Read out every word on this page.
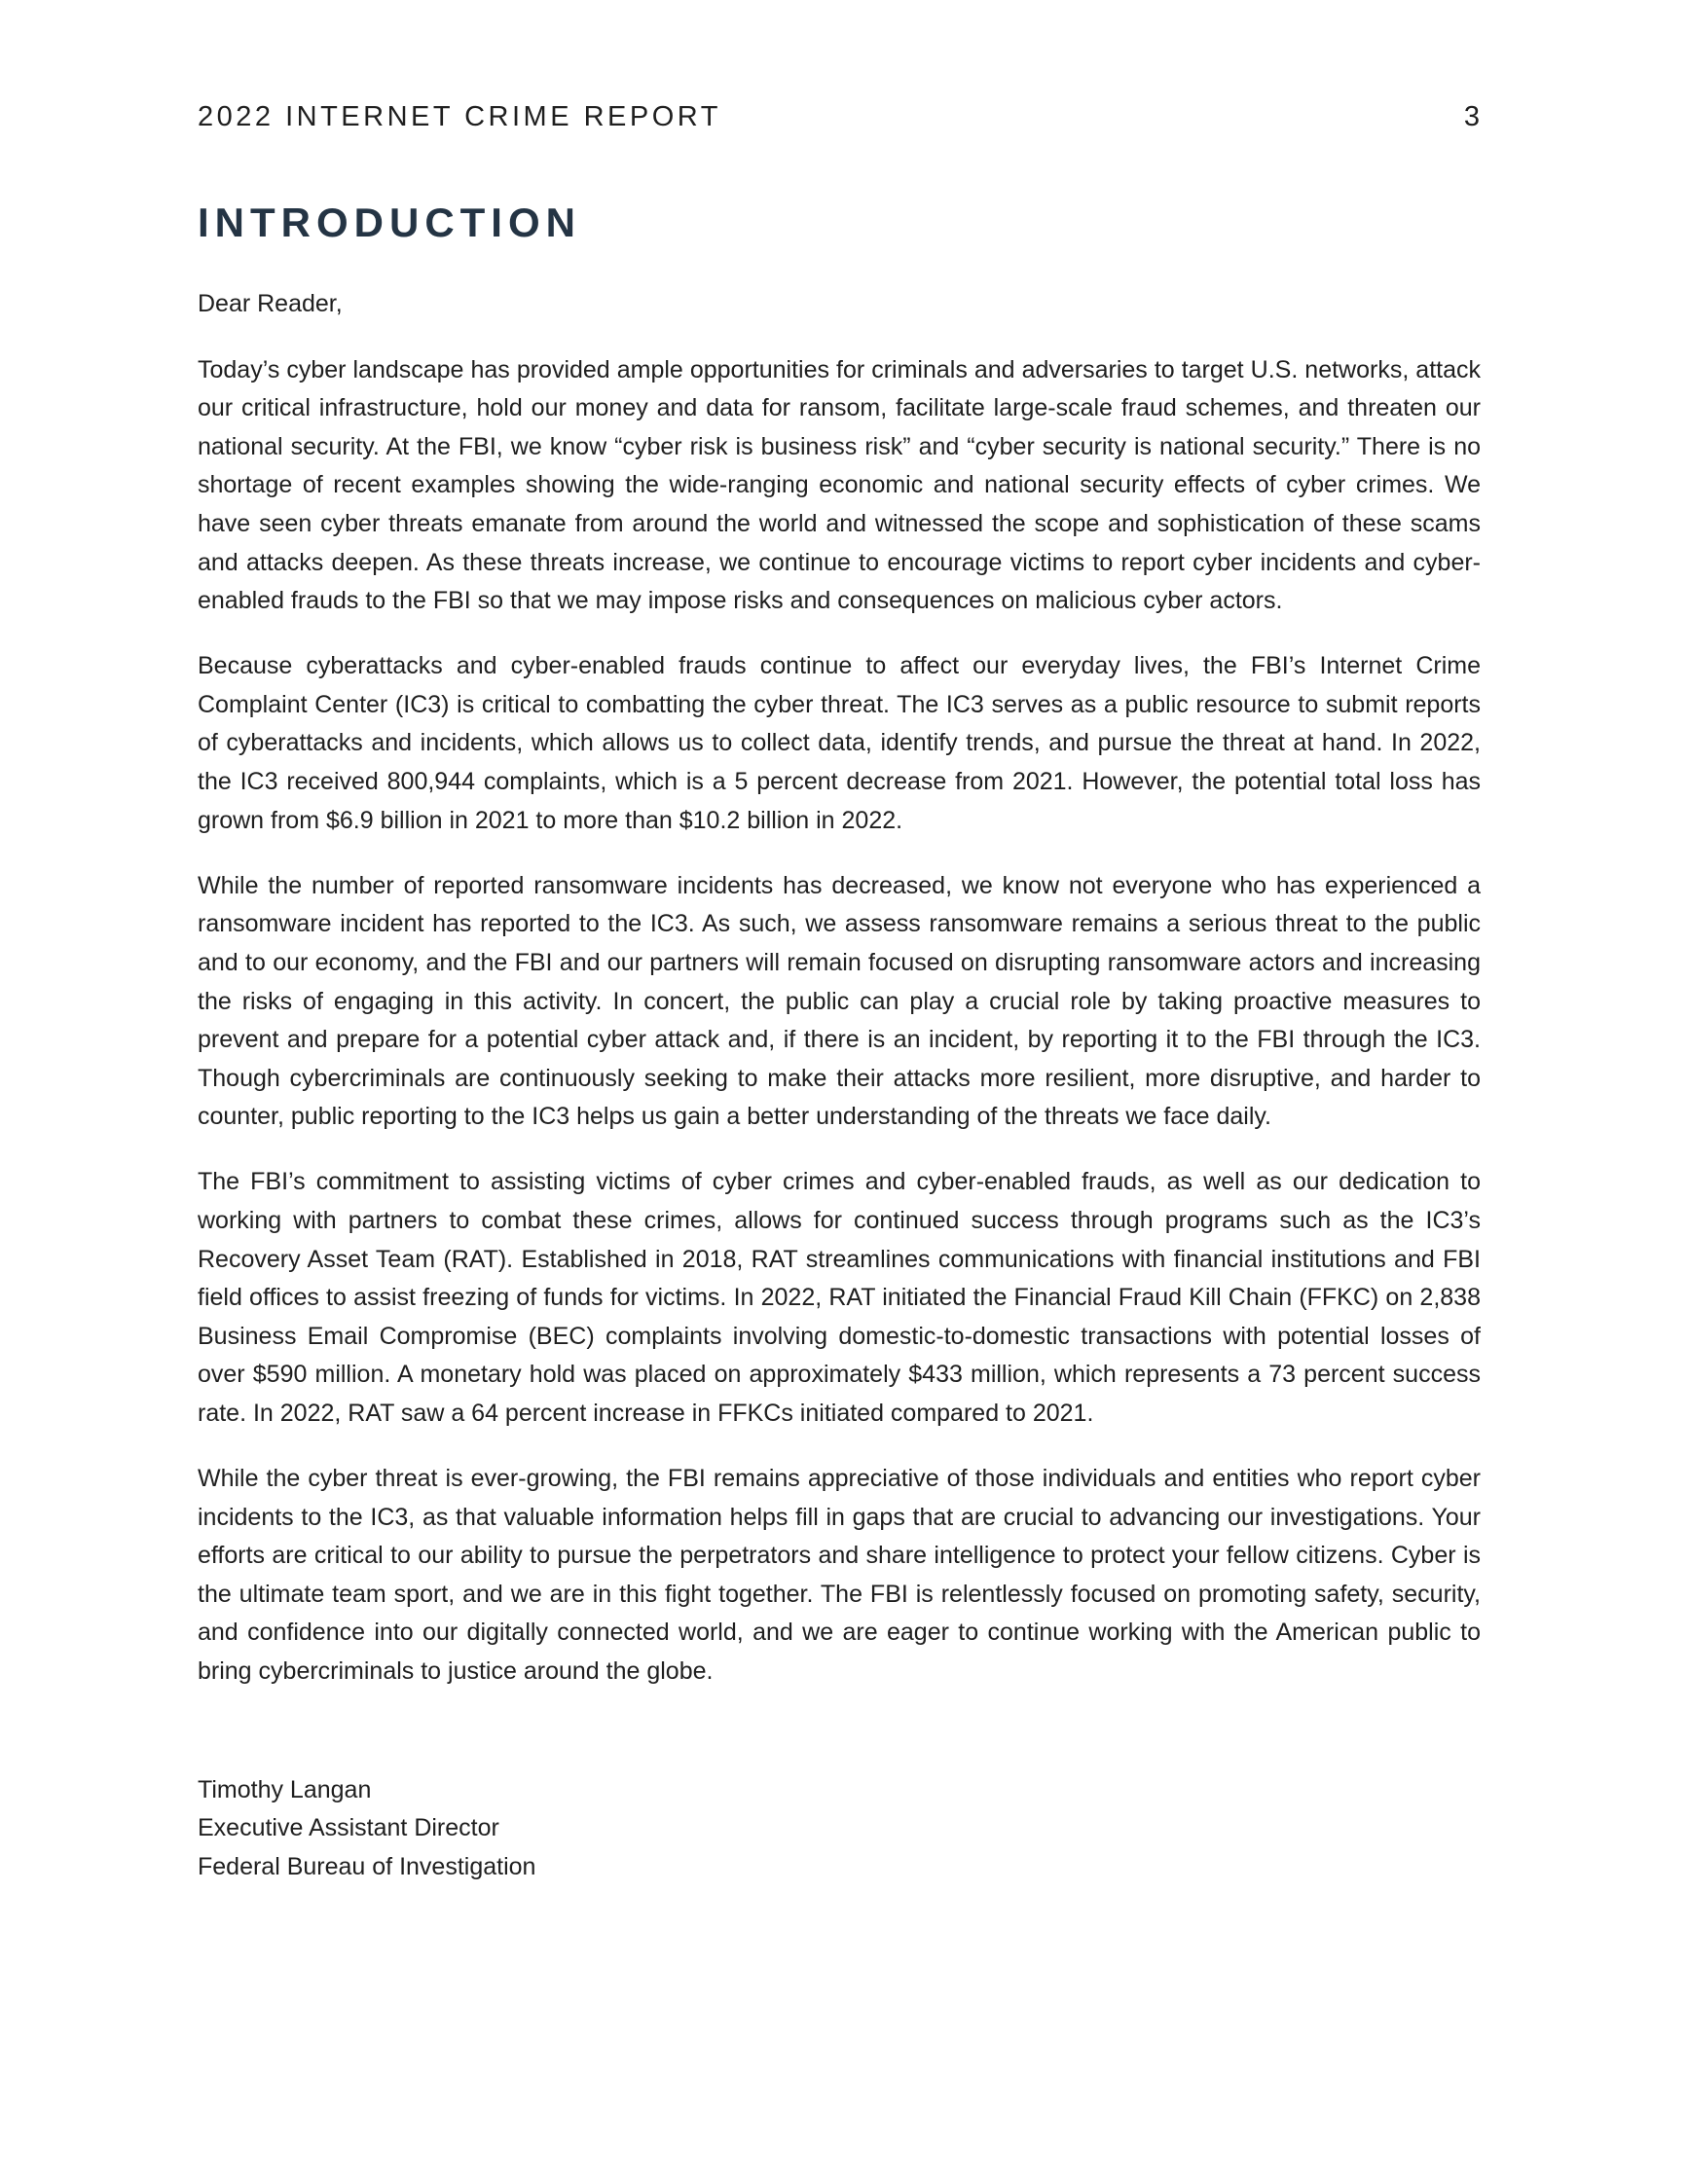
2022 INTERNET CRIME REPORT	3
INTRODUCTION

Dear Reader,

Today’s cyber landscape has provided ample opportunities for criminals and adversaries to target U.S. networks, attack our critical infrastructure, hold our money and data for ransom, facilitate large-scale fraud schemes, and threaten our national security. At the FBI, we know “cyber risk is business risk” and “cyber security is national security.” There is no shortage of recent examples showing the wide-ranging economic and national security effects of cyber crimes. We have seen cyber threats emanate from around the world and witnessed the scope and sophistication of these scams and attacks deepen. As these threats increase, we continue to encourage victims to report cyber incidents and cyber-enabled frauds to the FBI so that we may impose risks and consequences on malicious cyber actors.

Because cyberattacks and cyber-enabled frauds continue to affect our everyday lives, the FBI’s Internet Crime Complaint Center (IC3) is critical to combatting the cyber threat. The IC3 serves as a public resource to submit reports of cyberattacks and incidents, which allows us to collect data, identify trends, and pursue the threat at hand. In 2022, the IC3 received 800,944 complaints, which is a 5 percent decrease from 2021. However, the potential total loss has grown from $6.9 billion in 2021 to more than $10.2 billion in 2022.

While the number of reported ransomware incidents has decreased, we know not everyone who has experienced a ransomware incident has reported to the IC3. As such, we assess ransomware remains a serious threat to the public and to our economy, and the FBI and our partners will remain focused on disrupting ransomware actors and increasing the risks of engaging in this activity. In concert, the public can play a crucial role by taking proactive measures to prevent and prepare for a potential cyber attack and, if there is an incident, by reporting it to the FBI through the IC3. Though cybercriminals are continuously seeking to make their attacks more resilient, more disruptive, and harder to counter, public reporting to the IC3 helps us gain a better understanding of the threats we face daily.

The FBI’s commitment to assisting victims of cyber crimes and cyber-enabled frauds, as well as our dedication to working with partners to combat these crimes, allows for continued success through programs such as the IC3’s Recovery Asset Team (RAT). Established in 2018, RAT streamlines communications with financial institutions and FBI field offices to assist freezing of funds for victims. In 2022, RAT initiated the Financial Fraud Kill Chain (FFKC) on 2,838 Business Email Compromise (BEC) complaints involving domestic-to-domestic transactions with potential losses of over $590 million. A monetary hold was placed on approximately $433 million, which represents a 73 percent success rate. In 2022, RAT saw a 64 percent increase in FFKCs initiated compared to 2021.

While the cyber threat is ever-growing, the FBI remains appreciative of those individuals and entities who report cyber incidents to the IC3, as that valuable information helps fill in gaps that are crucial to advancing our investigations. Your efforts are critical to our ability to pursue the perpetrators and share intelligence to protect your fellow citizens. Cyber is the ultimate team sport, and we are in this fight together. The FBI is relentlessly focused on promoting safety, security, and confidence into our digitally connected world, and we are eager to continue working with the American public to bring cybercriminals to justice around the globe.

Timothy Langan
Executive Assistant Director
Federal Bureau of Investigation
